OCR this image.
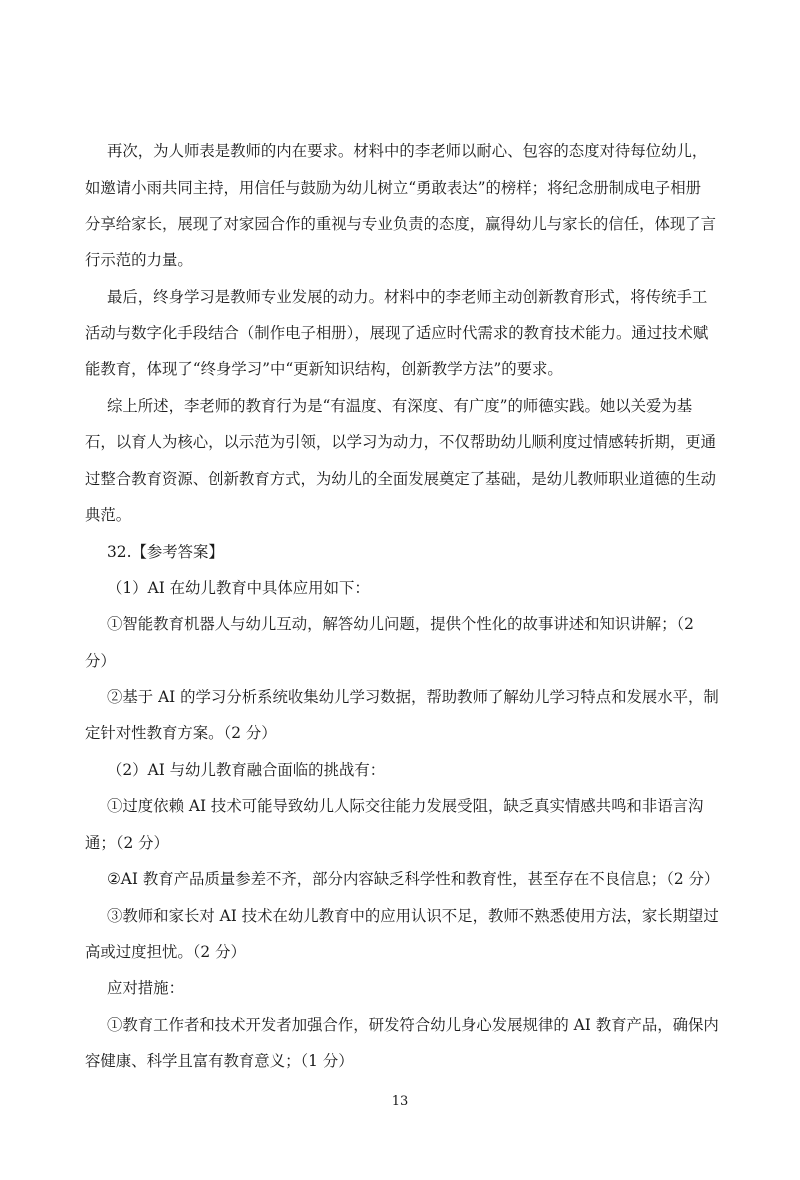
再次，为人师表是教师的内在要求。材料中的李老师以耐心、包容的态度对待每位幼儿，
如邀请小雨共同主持，用信任与鼓励为幼儿树立“勇敢表达”的榜样；将纪念册制成电子相册
分享给家长，展现了对家园合作的重视与专业负责的态度，赢得幼儿与家长的信任，体现了言
行示范的力量。
最后，终身学习是教师专业发展的动力。材料中的李老师主动创新教育形式，将传统手工
活动与数字化手段结合（制作电子相册），展现了适应时代需求的教育技术能力。通过技术赋
能教育，体现了“终身学习”中“更新知识结构，创新教学方法”的要求。
综上所述，李老师的教育行为是“有温度、有深度、有广度”的师德实践。她以关爱为基
石，以育人为核心，以示范为引领，以学习为动力，不仅帮助幼儿顺利度过情感转折期，更通
过整合教育资源、创新教育方式，为幼儿的全面发展奠定了基础，是幼儿教师职业道德的生动
典范。
32.【参考答案】
（1）AI 在幼儿教育中具体应用如下：
①智能教育机器人与幼儿互动，解答幼儿问题，提供个性化的故事讲述和知识讲解；（2
分）
②基于 AI 的学习分析系统收集幼儿学习数据，帮助教师了解幼儿学习特点和发展水平，制
定针对性教育方案。（2 分）
（2）AI 与幼儿教育融合面临的挑战有：
①过度依赖 AI 技术可能导致幼儿人际交往能力发展受阻，缺乏真实情感共鸣和非语言沟
通；（2 分）
②AI 教育产品质量参差不齐，部分内容缺乏科学性和教育性，甚至存在不良信息；（2 分）
③教师和家长对 AI 技术在幼儿教育中的应用认识不足，教师不熟悉使用方法，家长期望过
高或过度担忧。（2 分）
应对措施：
①教育工作者和技术开发者加强合作，研发符合幼儿身心发展规律的 AI 教育产品，确保内
容健康、科学且富有教育意义；（1 分）
13
